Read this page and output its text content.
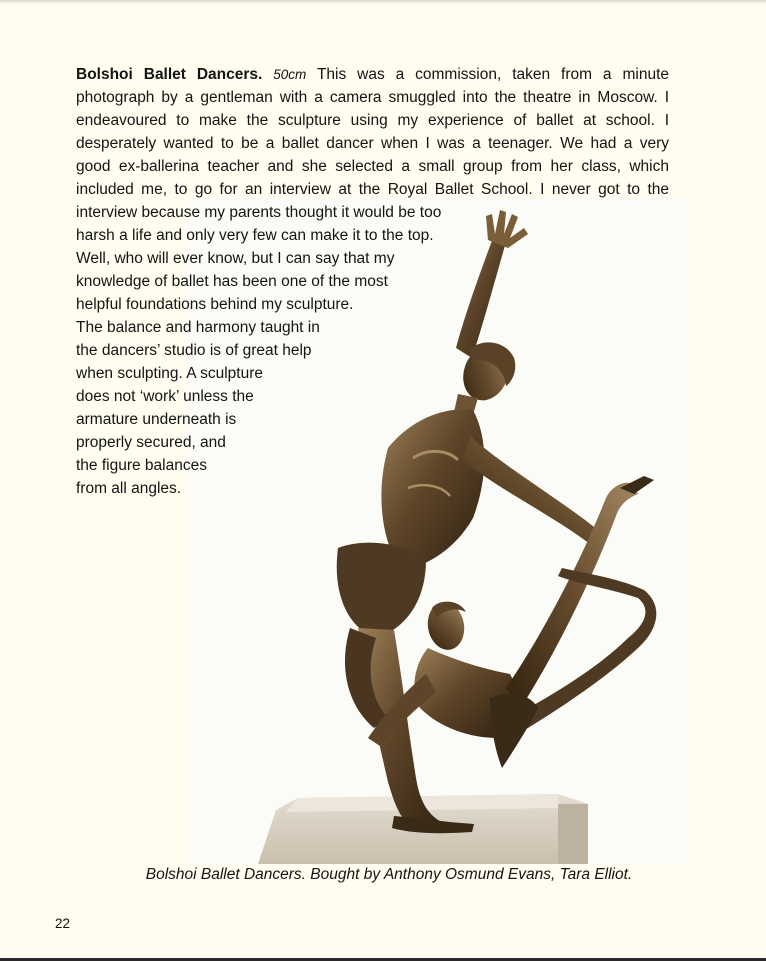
Bolshoi Ballet Dancers. 50cm This was a commission, taken from a minute
photograph by a gentleman with a camera smuggled into the theatre in Moscow. I
endeavoured to make the sculpture using my experience of ballet at school. I
desperately wanted to be a ballet dancer when I was a teenager. We had a very
good ex-ballerina teacher and she selected a small group from her class, which
included me, to go for an interview at the Royal Ballet School. I never got to the
interview because my parents thought it would be too
harsh a life and only very few can make it to the top.
Well, who will ever know, but I can say that my
knowledge of ballet has been one of the most
helpful foundations behind my sculpture.
The balance and harmony taught in
the dancers’ studio is of great help
when sculpting. A sculpture
does not ‘work’ unless the
armature underneath is
properly secured, and
the figure balances
from all angles.
Bolshoi Ballet Dancers. Bought by Anthony Osmund Evans, Tara Elliot.
22
